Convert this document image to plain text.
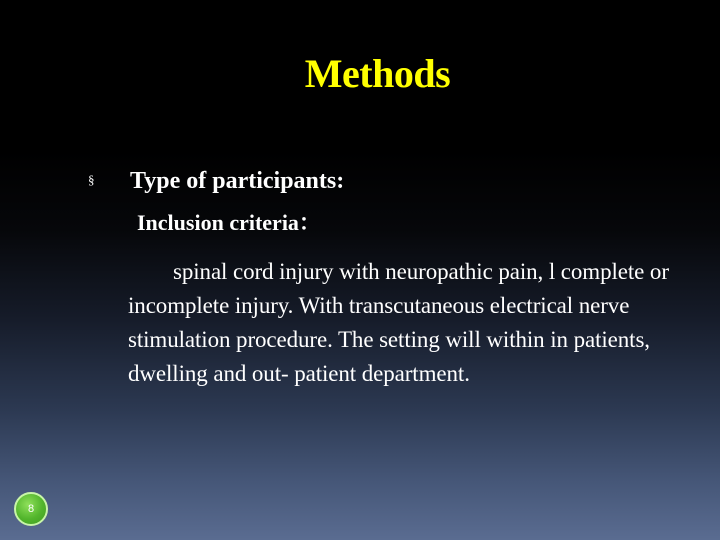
Methods
§ Type of participants:
Inclusion criteria：
spinal cord injury with neuropathic pain, l complete or incomplete injury. With transcutaneous electrical nerve stimulation procedure. The setting will within in patients, dwelling and out- patient department.
8
